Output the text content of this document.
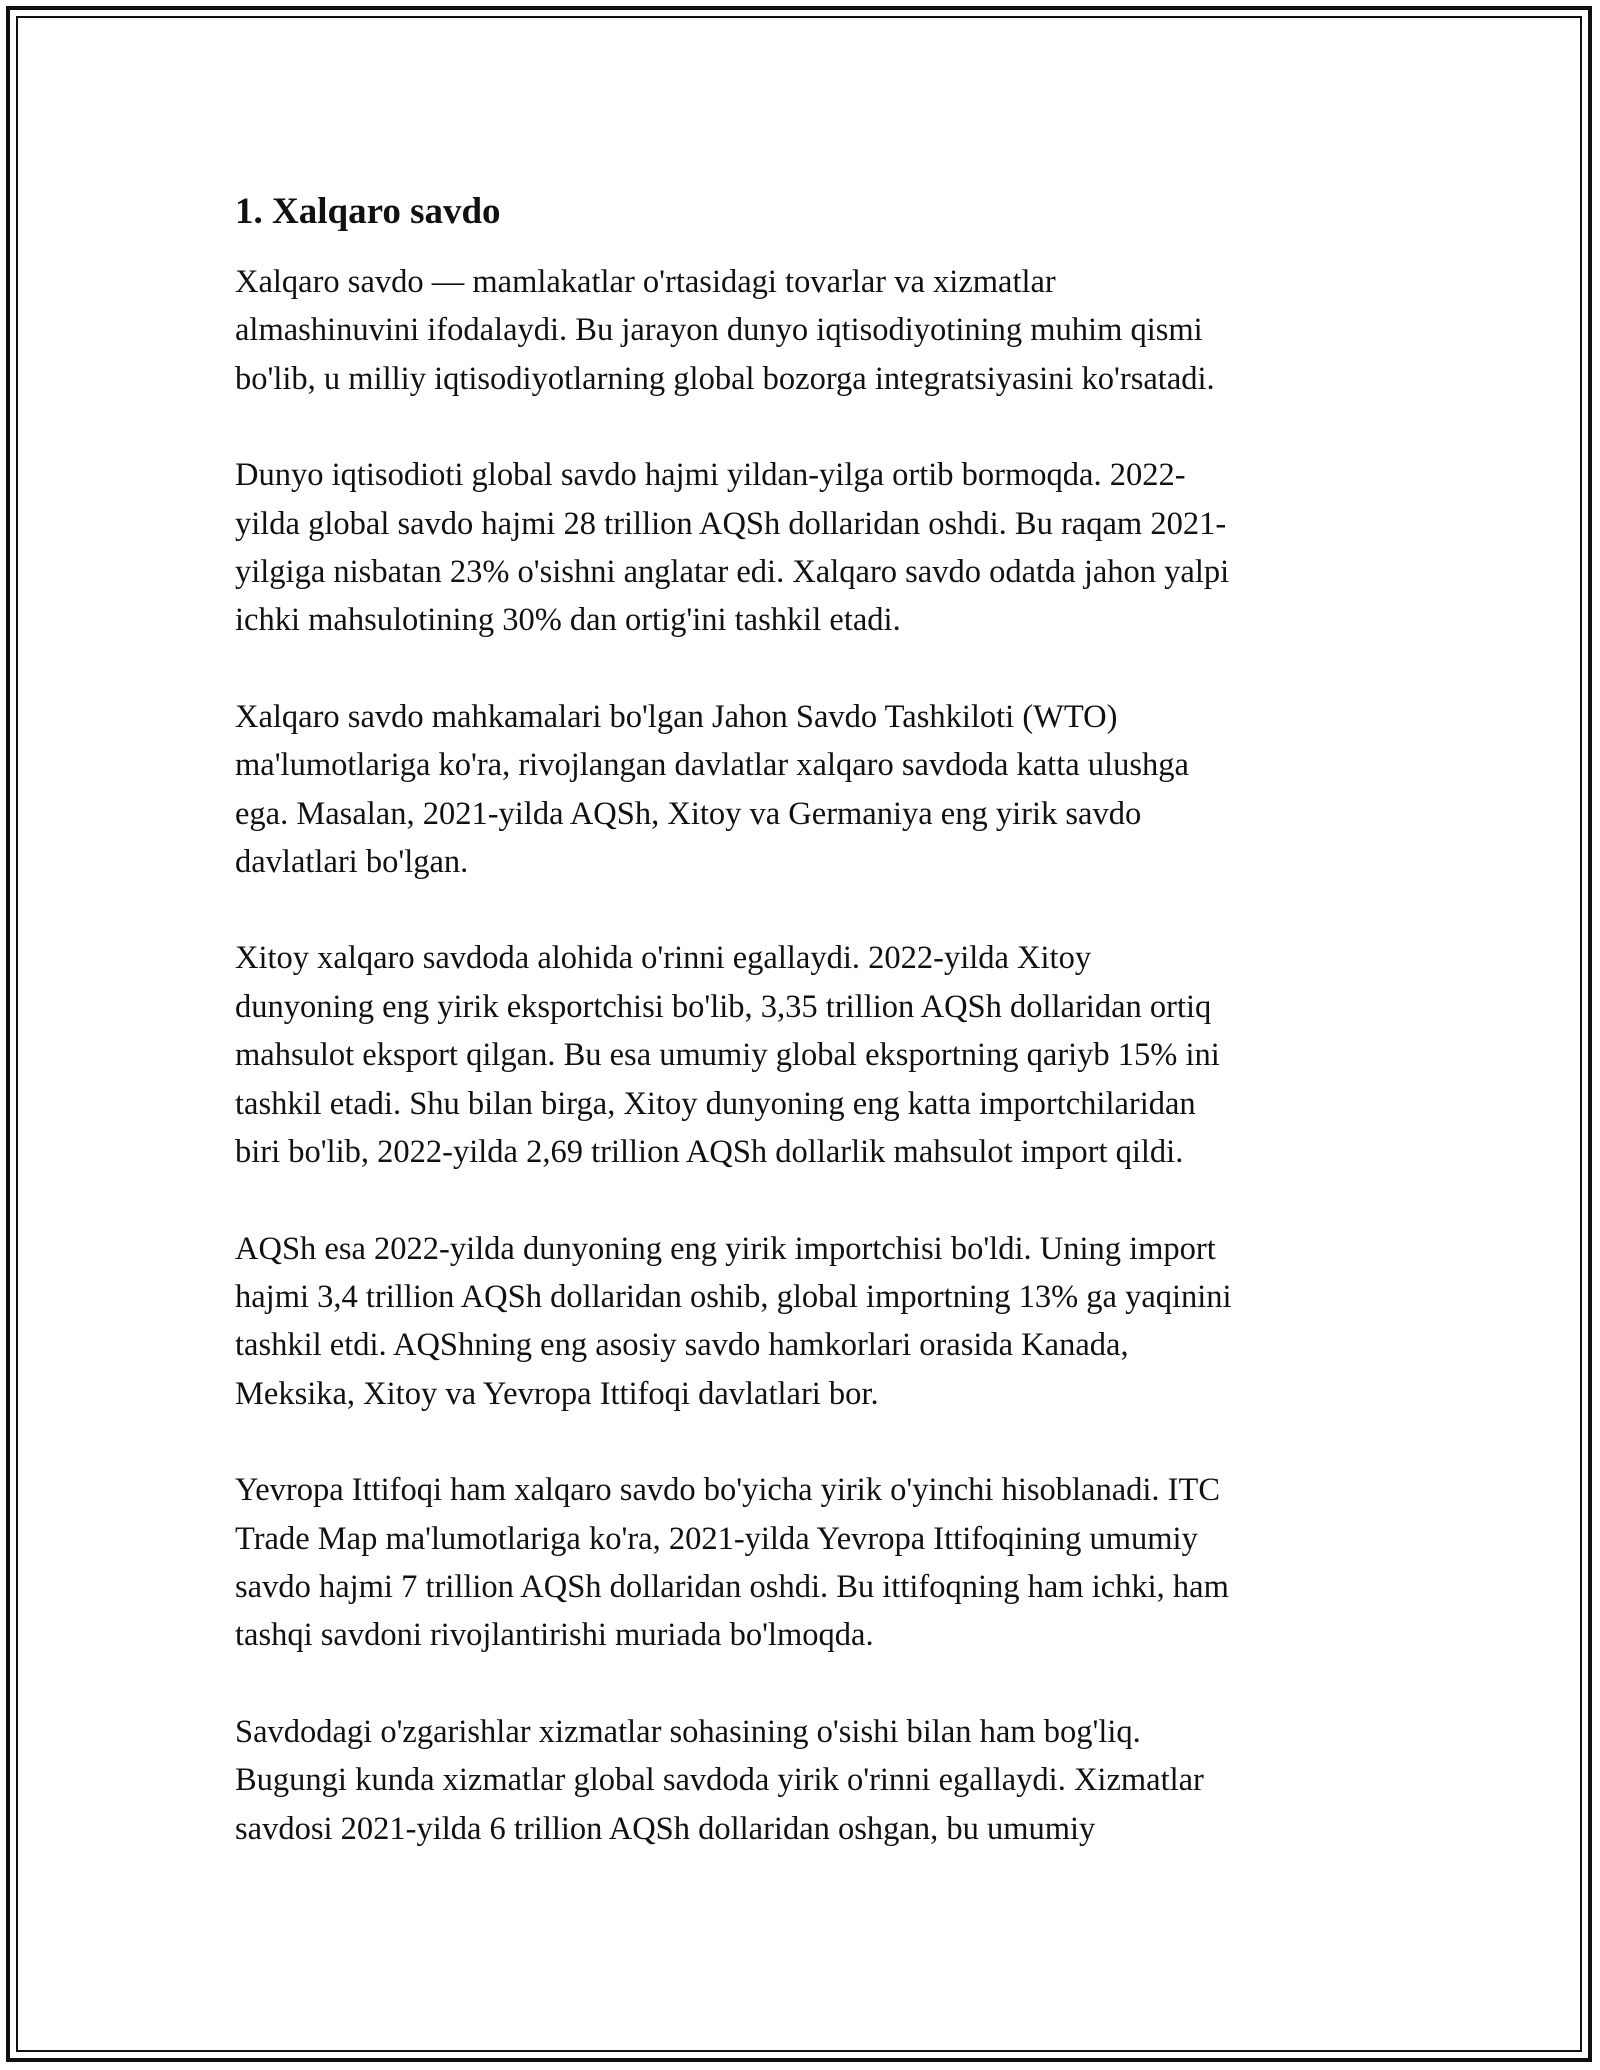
1. Xalqaro savdo
Xalqaro savdo — mamlakatlar o'rtasidagi tovarlar va xizmatlar
almashinuvini ifodalaydi. Bu jarayon dunyo iqtisodiyotining muhim qismi
bo'lib, u milliy iqtisodiyotlarning global bozorga integratsiyasini ko'rsatadi.
Dunyo iqtisodioti global savdo hajmi yildan-yilga ortib bormoqda. 2022-
yilda global savdo hajmi 28 trillion AQSh dollaridan oshdi. Bu raqam 2021-
yilgiga nisbatan 23% o'sishni anglatar edi. Xalqaro savdo odatda jahon yalpi
ichki mahsulotining 30% dan ortig'ini tashkil etadi.
Xalqaro savdo mahkamalari bo'lgan Jahon Savdo Tashkiloti (WTO)
ma'lumotlariga ko'ra, rivojlangan davlatlar xalqaro savdoda katta ulushga
ega. Masalan, 2021-yilda AQSh, Xitoy va Germaniya eng yirik savdo
davlatlari bo'lgan.
Xitoy xalqaro savdoda alohida o'rinni egallaydi. 2022-yilda Xitoy
dunyoning eng yirik eksportchisi bo'lib, 3,35 trillion AQSh dollaridan ortiq
mahsulot eksport qilgan. Bu esa umumiy global eksportning qariyb 15% ini
tashkil etadi. Shu bilan birga, Xitoy dunyoning eng katta importchilaridan
biri bo'lib, 2022-yilda 2,69 trillion AQSh dollarlik mahsulot import qildi.
AQSh esa 2022-yilda dunyoning eng yirik importchisi bo'ldi. Uning import
hajmi 3,4 trillion AQSh dollaridan oshib, global importning 13% ga yaqinini
tashkil etdi. AQShning eng asosiy savdo hamkorlari orasida Kanada,
Meksika, Xitoy va Yevropa Ittifoqi davlatlari bor.
Yevropa Ittifoqi ham xalqaro savdo bo'yicha yirik o'yinchi hisoblanadi. ITC
Trade Map ma'lumotlariga ko'ra, 2021-yilda Yevropa Ittifoqining umumiy
savdo hajmi 7 trillion AQSh dollaridan oshdi. Bu ittifoqning ham ichki, ham
tashqi savdoni rivojlantirishi muriada bo'lmoqda.
Savdodagi o'zgarishlar xizmatlar sohasining o'sishi bilan ham bog'liq.
Bugungi kunda xizmatlar global savdoda yirik o'rinni egallaydi. Xizmatlar
savdosi 2021-yilda 6 trillion AQSh dollaridan oshgan, bu umumiy
